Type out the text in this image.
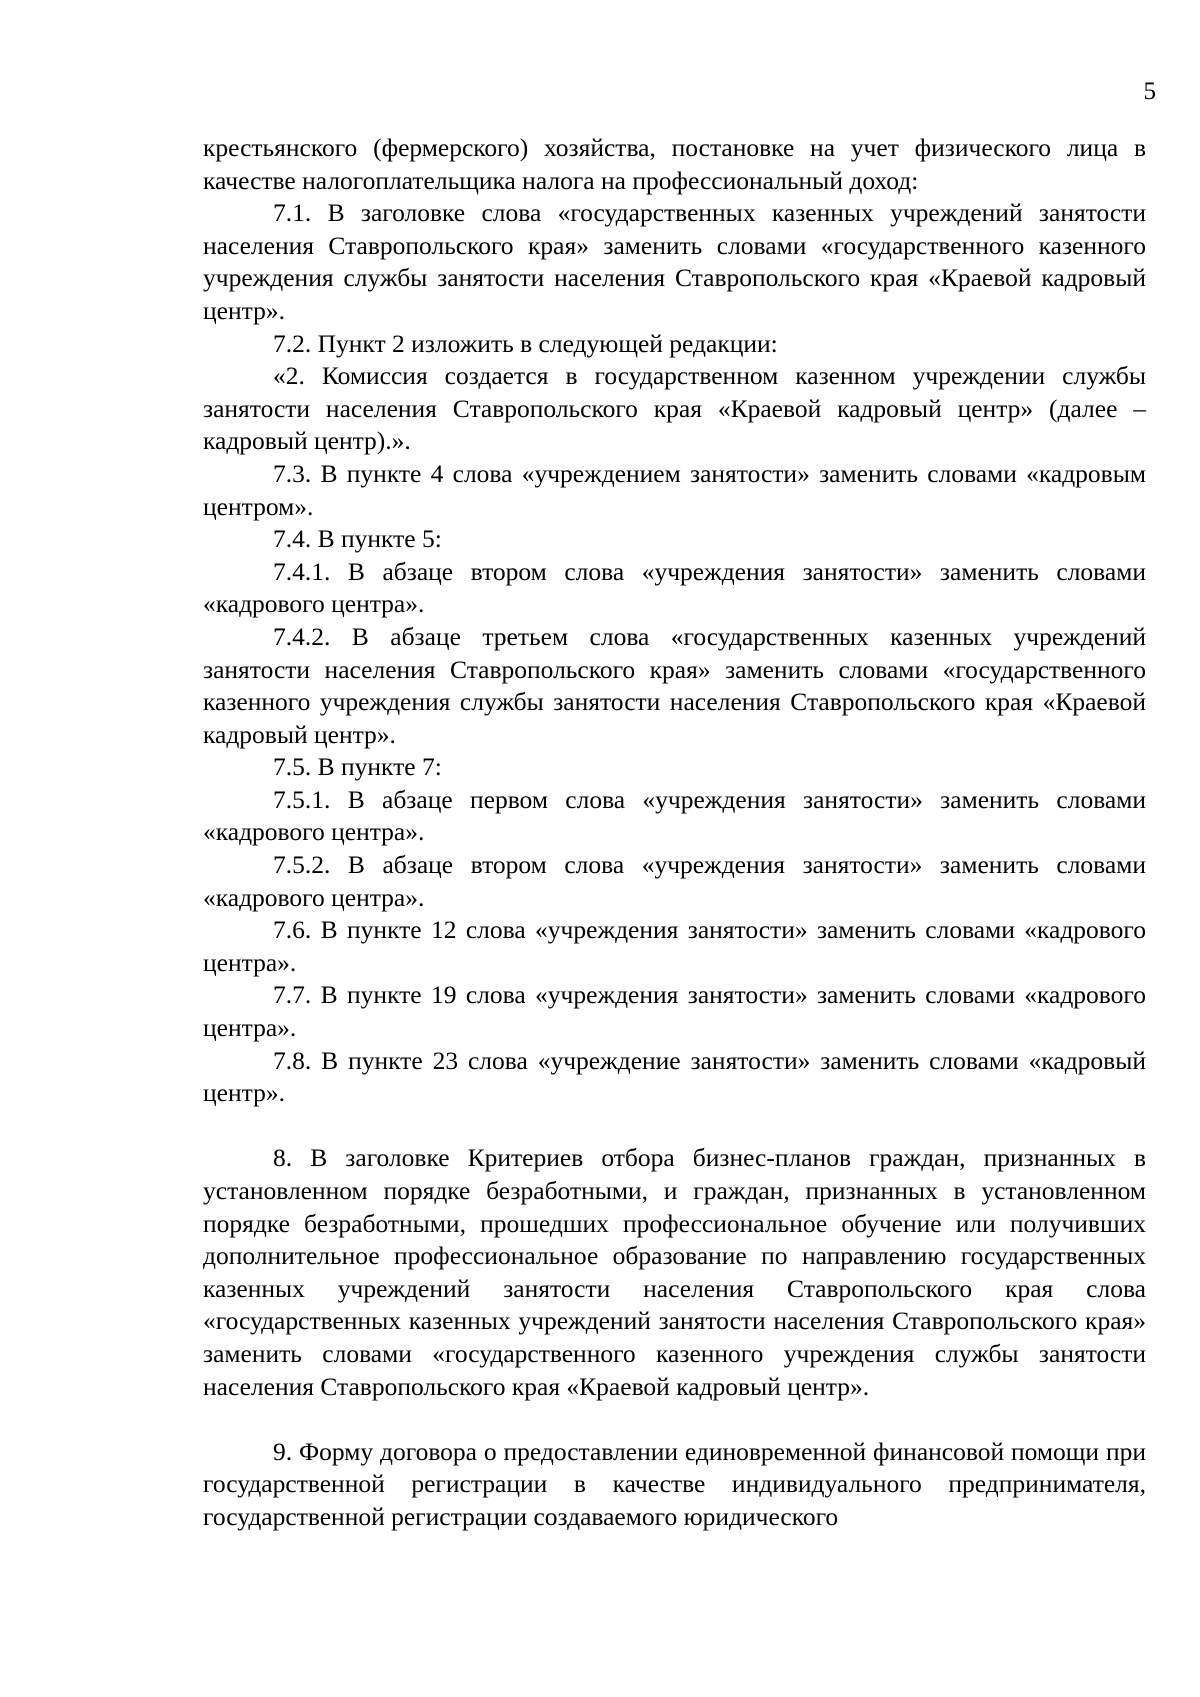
5

крестьянского (фермерского) хозяйства, постановке на учет физического лица в качестве налогоплательщика налога на профессиональный доход:

7.1. В заголовке слова «государственных казенных учреждений занятости населения Ставропольского края» заменить словами «государственного казенного учреждения службы занятости населения Ставропольского края «Краевой кадровый центр».

7.2. Пункт 2 изложить в следующей редакции:

«2. Комиссия создается в государственном казенном учреждении службы занятости населения Ставропольского края «Краевой кадровый центр» (далее – кадровый центр).».

7.3. В пункте 4 слова «учреждением занятости» заменить словами «кадровым центром».

7.4. В пункте 5:

7.4.1. В абзаце втором слова «учреждения занятости» заменить словами «кадрового центра».

7.4.2. В абзаце третьем слова «государственных казенных учреждений занятости населения Ставропольского края» заменить словами «государственного казенного учреждения службы занятости населения Ставропольского края «Краевой кадровый центр».

7.5. В пункте 7:

7.5.1. В абзаце первом слова «учреждения занятости» заменить словами «кадрового центра».

7.5.2. В абзаце втором слова «учреждения занятости» заменить словами «кадрового центра».

7.6. В пункте 12 слова «учреждения занятости» заменить словами «кадрового центра».

7.7. В пункте 19 слова «учреждения занятости» заменить словами «кадрового центра».

7.8. В пункте 23 слова «учреждение занятости» заменить словами «кадровый центр».

8. В заголовке Критериев отбора бизнес-планов граждан, признанных в установленном порядке безработными, и граждан, признанных в установленном порядке безработными, прошедших профессиональное обучение или получивших дополнительное профессиональное образование по направлению государственных казенных учреждений занятости населения Ставропольского края слова «государственных казенных учреждений занятости населения Ставропольского края» заменить словами «государственного казенного учреждения службы занятости населения Ставропольского края «Краевой кадровый центр».

9. Форму договора о предоставлении единовременной финансовой помощи при государственной регистрации в качестве индивидуального предпринимателя, государственной регистрации создаваемого юридического
